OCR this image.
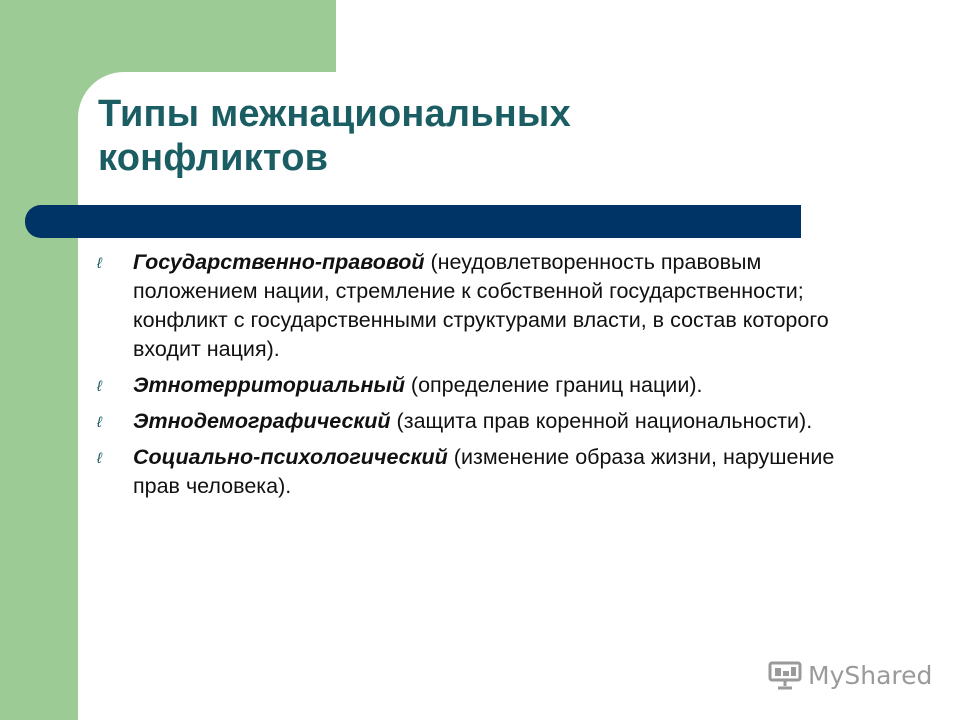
Типы межнациональных конфликтов
ℓ Государственно-правовой (неудовлетворенность правовым положением нации, стремление к собственной государственности; конфликт с государственными структурами власти, в состав которого входит нация).
ℓ Этнотерриториальный (определение границ нации).
ℓ Этнодемографический (защита прав коренной национальности).
ℓ Социально-психологический (изменение образа жизни, нарушение прав человека).
MyShared
